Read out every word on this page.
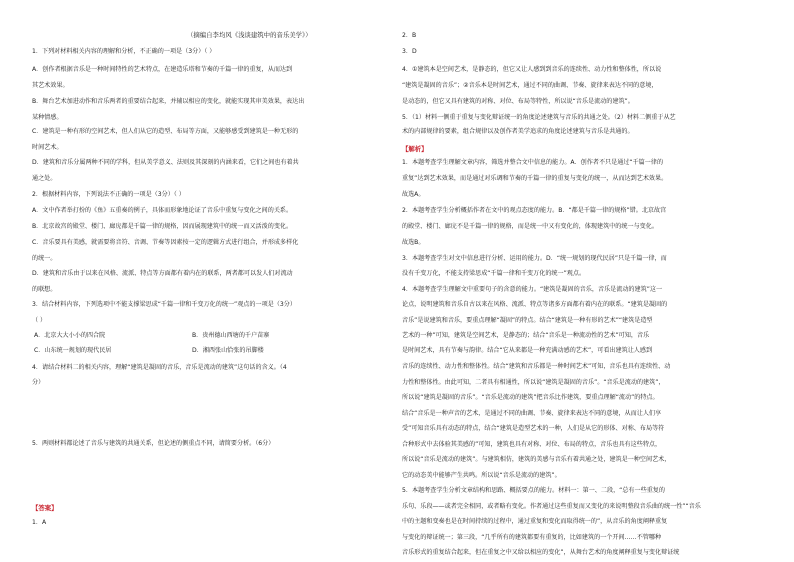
（摘编自李均风《浅谈建筑中的音乐美学》）
1．下列对材料相关内容的理解和分析，不正确的一项是（3分）（ ）
A．创作者根据音乐是一种时间特性的艺术特点，在建造乐塔和节奏的千篇一律的重复，从而达到
其艺术效果。
B．舞台艺术加进动作和音乐两者的重要结合起来，并辅以相应的变化，就能实现其审美效果，表达出
某种情感。
C．建筑是一种有形的空间艺术，但人们从它的造型、布局等方面，又能够感受到建筑是一种无形的
时间艺术。
D．建筑和音乐分属两种不同的学科，但从美学意义、法则及其深刻的内涵来看，它们之间也有着共
通之处。
2．根据材料内容，下列说法不正确的一项是（3分）（ ）
A．文中作者举打扮的《鱼》五重奏的例子，具体而形象地论证了音乐中重复与变化之间的关系。
B．北京故宫的殿堂、楼门、廊庑都是千篇一律的规格，因而展现建筑中的统一而又活泼的变化。
C．音乐要具有美感，就需要将音符、音调、节奏等因素按一定的逻辑方式进行组合，并形成多样化
的统一。
D．建筑和音乐由于以来在风格、流派、特点等方面都有着内在的联系，两者都可以发人们对流动
的联想。
3．结合材料内容，下列选项中不能支撑梁思成“千篇一律和千变万化的统一”观点的一项是（3分）
（ ）
A．北京大大小小的四合院	B．贵州德山西塘的千户苗寨
C．山东统一规划的现代民居	D．湘西张山恰张的吊脚楼
4．请结合材料二的相关内容，理解“建筑是凝固的音乐，音乐是流动的建筑”这句话的含义。（4
分）
5．两则材料都论述了音乐与建筑的共通关系，但论述的侧重点不同，请简要分析。（6分）
【答案】
1．A
2．B
3．D
4．①建筑本是空间艺术，是静态的，但它又让人感到到音乐的连续性、动力性和整体性，所以说
“建筑是凝固的音乐”；②音乐本是时间艺术，通过不同的曲调、节奏、旋律来表达不同的意境，
是动态的，但它又具有建筑的对称、对位、布局等特性，所以说“音乐是流动的建筑”。
5．（1）材料一侧重于重复与变化辩证统一的角度论述建筑与音乐的共通之处。（2）材料二侧重于从艺
术的内部规律的要素，组合规律以及创作者美学追求的角度论述建筑与音乐是共通的。
【解析】
1．本题考查学生理解文章内容，筛选并整合文中信息的能力。A．创作者不只是通过“千篇一律的
重复”达到艺术效果，而是通过对乐调和节奏的千篇一律的重复与变化的统一，从而达到艺术效果。
故选A。
2．本题考查学生分析概括作者在文中的观点态度的能力。B．“都是千篇一律的规格”错。北京故宫
的殿堂、楼门、廊庑不是千篇一律的规格，而是统一中又有变化的，体现建筑中的统一与变化。
故选B。
3．本题考查学生对文中信息进行分析、运用的能力。D．“统一规划的现代民居”只是千篇一律，而
没有千变万化，不能支持梁思成“千篇一律和千变万化的统一”观点。
4．本题考查学生理解文中重要句子的含意的能力。“建筑是凝固的音乐，音乐是流动的建筑”这一
论点，说明建筑和音乐自古以来在风格、流派、特点等诸多方面都有着内在的联系。“建筑是凝固的
音乐”是说建筑和音乐，要重点理解“凝固”的特点。结合“建筑是一种有形的艺术”“建筑是造型
艺术的一种”可知，建筑是空间艺术，是静态的；结合“音乐是一种流动性的艺术”可知，音乐
是时间艺术，具有节奏与韵律。结合“它从来都是一种充满动感的艺术”，可看出建筑让人感到
音乐的连续性、动力性和整体性。结合“建筑和音乐都是一种时间艺术”可知，音乐也具有连续性、动
力性和整体性。由此可知，二者具有相通性，所以说“建筑是凝固的音乐”。“音乐是流动的建筑”，
所以说“建筑是凝固的音乐”。“音乐是流动的建筑”把音乐比作建筑，要重点理解“流动”的特点。
结合“音乐是一种声音的艺术，是通过不同的曲调、节奏、旋律来表达不同的意境，从而让人们享
受”可知音乐具有动态的特点，结合“建筑是造型艺术的一种，人们是从它的形体、对称、布局等符
合种形式中去体验其美感的”可知，建筑也具有对称、对位、布局的特点，音乐也具有这些特点，
所以说“音乐是流动的建筑”。与建筑相仿，建筑的美感与音乐有着共通之处，建筑是一种空间艺术，
它的动态美中能够产生共鸣。所以说“音乐是流动的建筑”。
5．本题考查学生分析文章结构和思路、概括要点的能力。材料一：第一、二段，“总有一些重复的
乐句、乐段——或者完全相同，或者略有变化。作者通过这些重复而又变化的来说明整段音乐曲的统一性”“音乐
中的主题和变奏也是在时间持续的过程中，通过重复和变化而取得统一的”，从音乐的角度阐释重复
与变化的辩证统一；第三段，“几乎所有的建筑都要有重复的，比如建筑的一个开间……不管哪种
音乐形式的重复结合起来，但在重复之中又给以相应的变化”，从舞台艺术的角度阐释重复与变化辩证统
